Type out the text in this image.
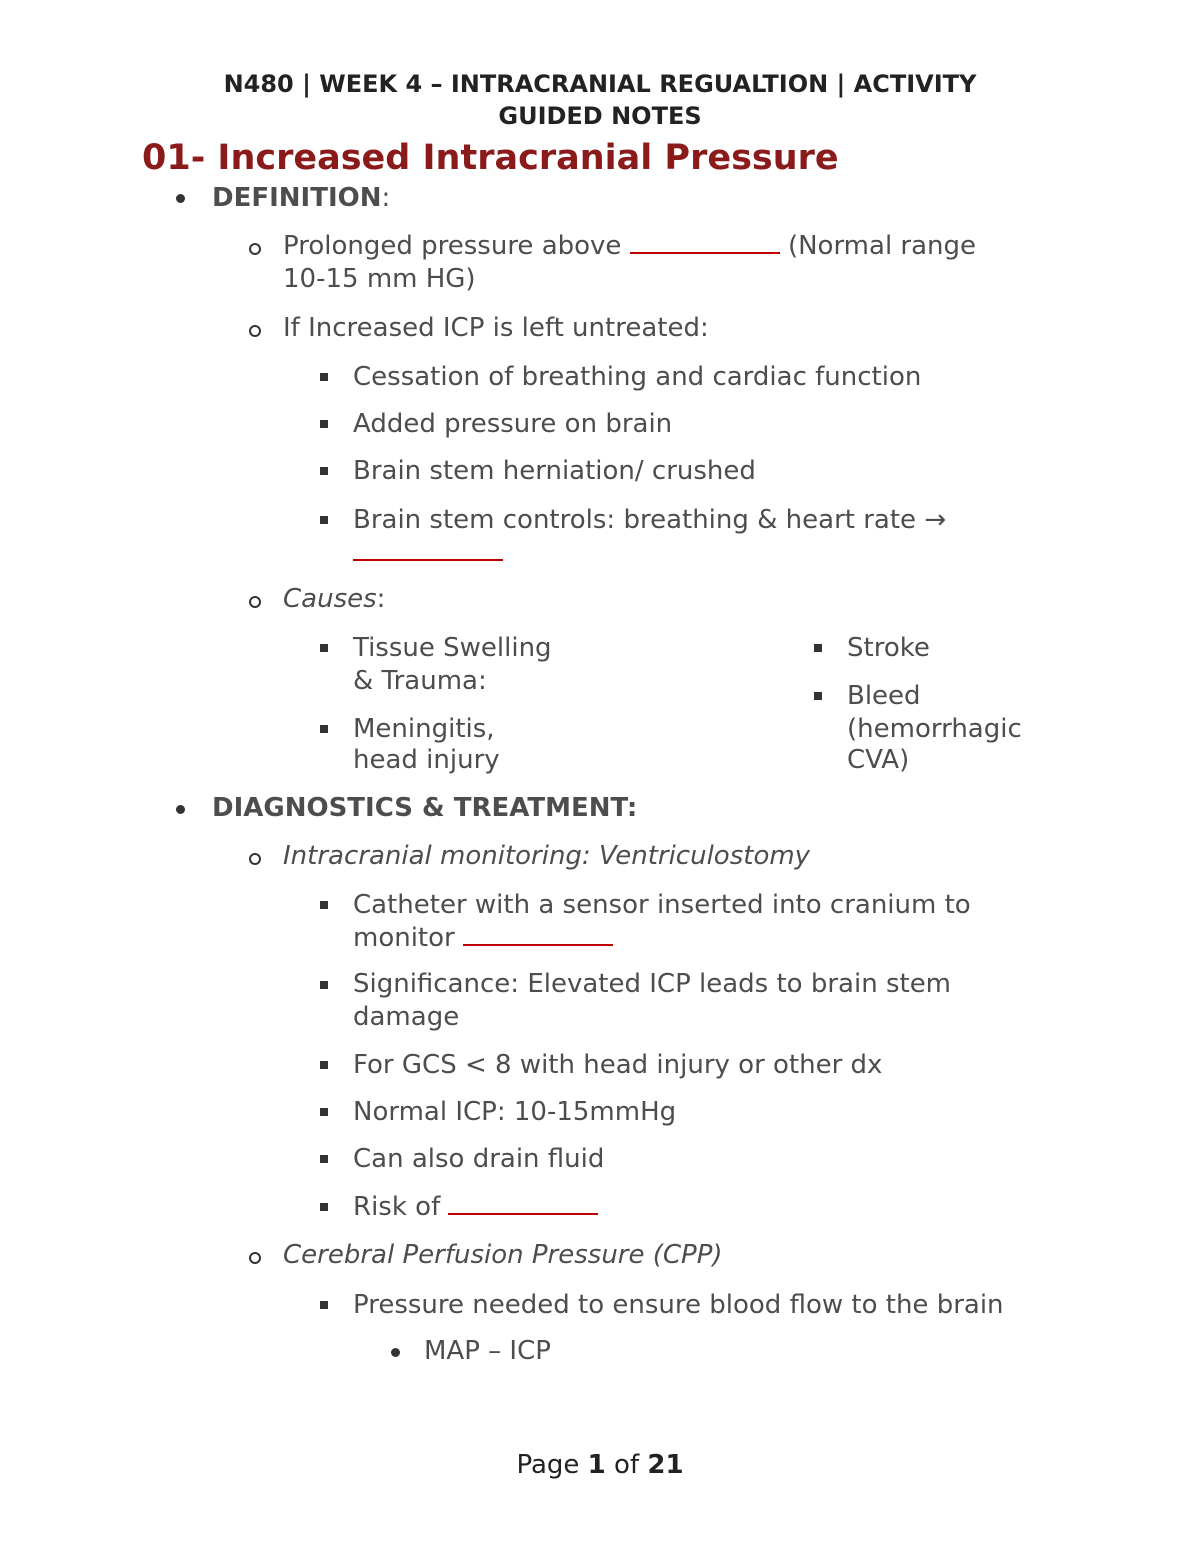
N480 | WEEK 4 – INTRACRANIAL REGUALTION | ACTIVITY
GUIDED NOTES
01- Increased Intracranial Pressure
DEFINITION:
Prolonged pressure above	(Normal range
10-15 mm HG)
If Increased ICP is left untreated:
Cessation of breathing and cardiac function
Added pressure on brain
Brain stem herniation/ crushed
Brain stem controls: breathing & heart rate →
Causes:
Tissue Swelling
& Trauma:
Meningitis,
head injury
Stroke
Bleed
(hemorrhagic
CVA)
DIAGNOSTICS & TREATMENT:
Intracranial monitoring: Ventriculostomy
Catheter with a sensor inserted into cranium to
monitor
Significance: Elevated ICP leads to brain stem
damage
For GCS < 8 with head injury or other dx
Normal ICP: 10-15mmHg
Can also drain fluid
Risk of
Cerebral Perfusion Pressure (CPP)
Pressure needed to ensure blood flow to the brain
MAP – ICP
Page 1 of 21
